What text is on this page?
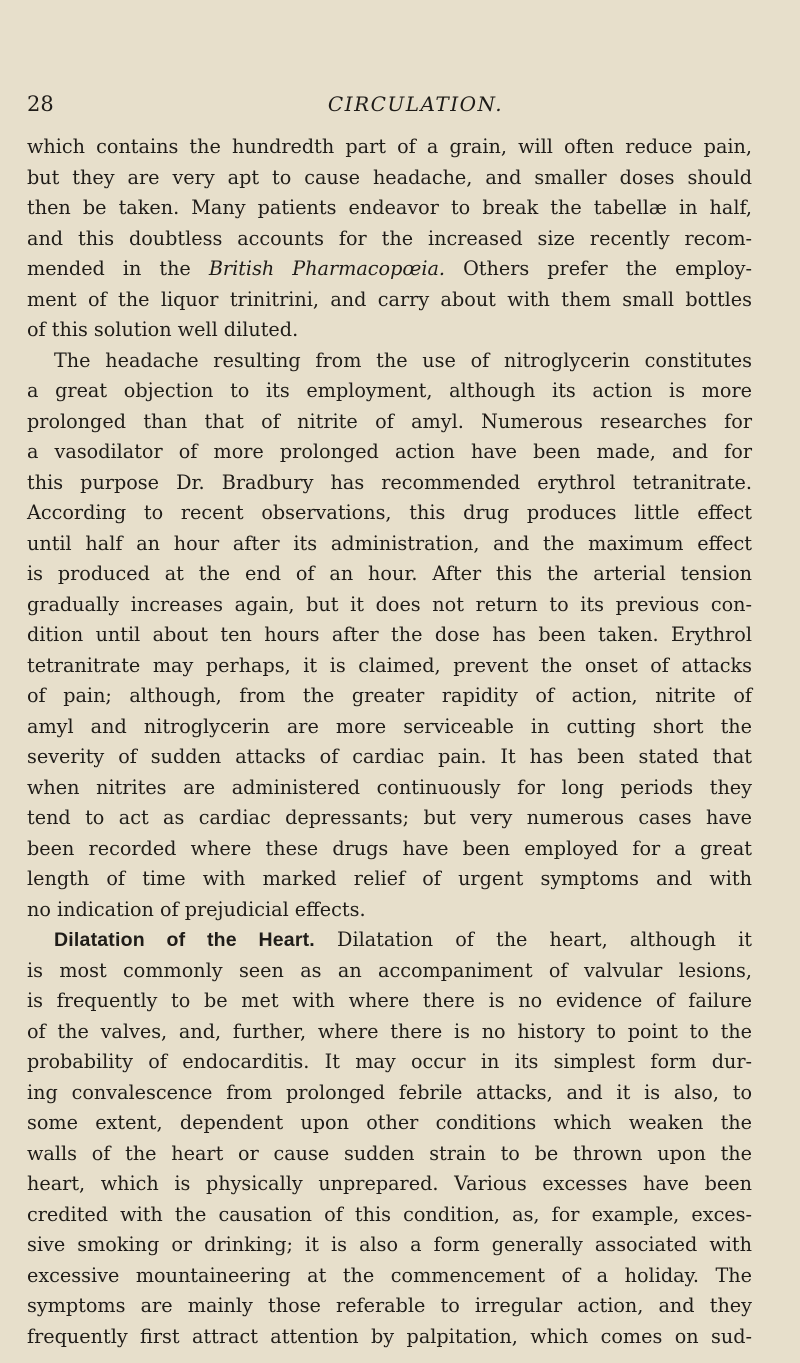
28	CIRCULATION.
which contains the hundredth part of a grain, will often reduce pain,
but they are very apt to cause headache, and smaller doses should
then be taken. Many patients endeavor to break the tabellæ in half,
and this doubtless accounts for the increased size recently recom-
mended in the British Pharmacopœia. Others prefer the employ-
ment of the liquor trinitrini, and carry about with them small bottles
of this solution well diluted.
The headache resulting from the use of nitroglycerin constitutes
a great objection to its employment, although its action is more
prolonged than that of nitrite of amyl. Numerous researches for
a vasodilator of more prolonged action have been made, and for
this purpose Dr. Bradbury has recommended erythrol tetranitrate.
According to recent observations, this drug produces little effect
until half an hour after its administration, and the maximum effect
is produced at the end of an hour. After this the arterial tension
gradually increases again, but it does not return to its previous con-
dition until about ten hours after the dose has been taken. Erythrol
tetranitrate may perhaps, it is claimed, prevent the onset of attacks
of pain; although, from the greater rapidity of action, nitrite of
amyl and nitroglycerin are more serviceable in cutting short the
severity of sudden attacks of cardiac pain. It has been stated that
when nitrites are administered continuously for long periods they
tend to act as cardiac depressants; but very numerous cases have
been recorded where these drugs have been employed for a great
length of time with marked relief of urgent symptoms and with
no indication of prejudicial effects.
Dilatation of the Heart. Dilatation of the heart, although it
is most commonly seen as an accompaniment of valvular lesions,
is frequently to be met with where there is no evidence of failure
of the valves, and, further, where there is no history to point to the
probability of endocarditis. It may occur in its simplest form dur-
ing convalescence from prolonged febrile attacks, and it is also, to
some extent, dependent upon other conditions which weaken the
walls of the heart or cause sudden strain to be thrown upon the
heart, which is physically unprepared. Various excesses have been
credited with the causation of this condition, as, for example, exces-
sive smoking or drinking; it is also a form generally associated with
excessive mountaineering at the commencement of a holiday. The
symptoms are mainly those referable to irregular action, and they
frequently first attract attention by palpitation, which comes on sud-
